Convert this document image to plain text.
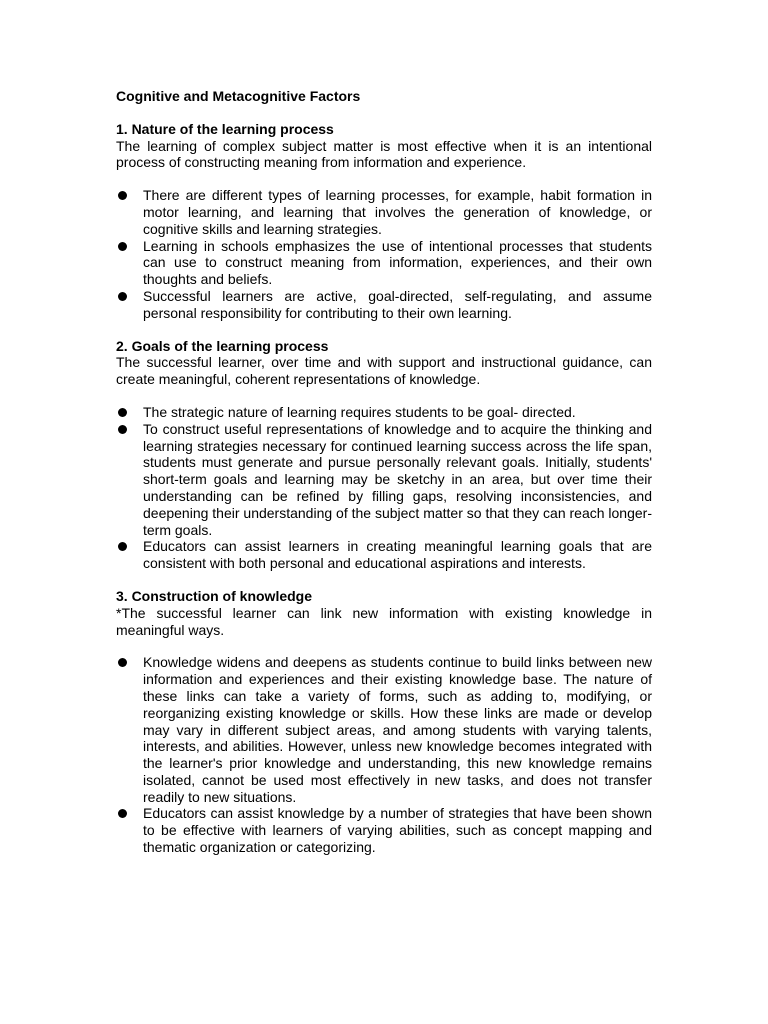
Cognitive and Metacognitive Factors

1. Nature of the learning process

The learning of complex subject matter is most effective when it is an intentional process of constructing meaning from information and experience.

There are different types of learning processes, for example, habit formation in motor learning, and learning that involves the generation of knowledge, or cognitive skills and learning strategies.
Learning in schools emphasizes the use of intentional processes that students can use to construct meaning from information, experiences, and their own thoughts and beliefs.
Successful learners are active, goal-directed, self-regulating, and assume personal responsibility for contributing to their own learning.

2. Goals of the learning process

The successful learner, over time and with support and instructional guidance, can create meaningful, coherent representations of knowledge.

The strategic nature of learning requires students to be goal- directed.
To construct useful representations of knowledge and to acquire the thinking and learning strategies necessary for continued learning success across the life span, students must generate and pursue personally relevant goals. Initially, students' short-term goals and learning may be sketchy in an area, but over time their understanding can be refined by filling gaps, resolving inconsistencies, and deepening their understanding of the subject matter so that they can reach longer-term goals.
Educators can assist learners in creating meaningful learning goals that are consistent with both personal and educational aspirations and interests.

3. Construction of knowledge

*The successful learner can link new information with existing knowledge in meaningful ways.

Knowledge widens and deepens as students continue to build links between new information and experiences and their existing knowledge base. The nature of these links can take a variety of forms, such as adding to, modifying, or reorganizing existing knowledge or skills. How these links are made or develop may vary in different subject areas, and among students with varying talents, interests, and abilities. However, unless new knowledge becomes integrated with the learner's prior knowledge and understanding, this new knowledge remains isolated, cannot be used most effectively in new tasks, and does not transfer readily to new situations.
Educators can assist knowledge by a number of strategies that have been shown to be effective with learners of varying abilities, such as concept mapping and thematic organization or categorizing.
